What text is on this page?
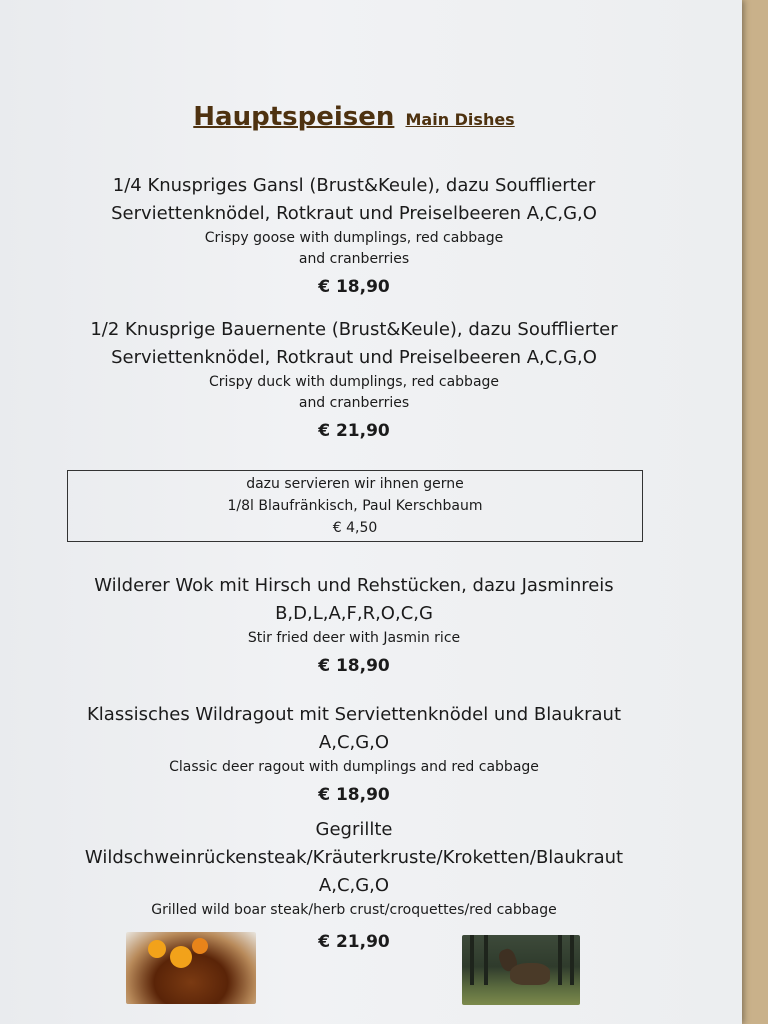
Hauptspeisen Main Dishes
1/4 Knuspriges Gansl (Brust&Keule), dazu Soufflierter
Serviettenknödel, Rotkraut und Preiselbeeren A,C,G,O
Crispy goose with dumplings, red cabbage
and cranberries
€ 18,90
1/2 Knusprige Bauernente (Brust&Keule), dazu Soufflierter
Serviettenknödel, Rotkraut und Preiselbeeren A,C,G,O
Crispy duck with dumplings, red cabbage
and cranberries
€ 21,90
dazu servieren wir ihnen gerne
1/8l Blaufränkisch, Paul Kerschbaum
€ 4,50
Wilderer Wok mit Hirsch und Rehstücken, dazu Jasminreis
B,D,L,A,F,R,O,C,G
Stir fried deer with Jasmin rice
€ 18,90
Klassisches Wildragout mit Serviettenknödel und Blaukraut
A,C,G,O
Classic deer ragout with dumplings and red cabbage
€ 18,90
Gegrillte
Wildschweinrückensteak/Kräuterkruste/Kroketten/Blaukraut
A,C,G,O
Grilled wild boar steak/herb crust/croquettes/red cabbage
€ 21,90
